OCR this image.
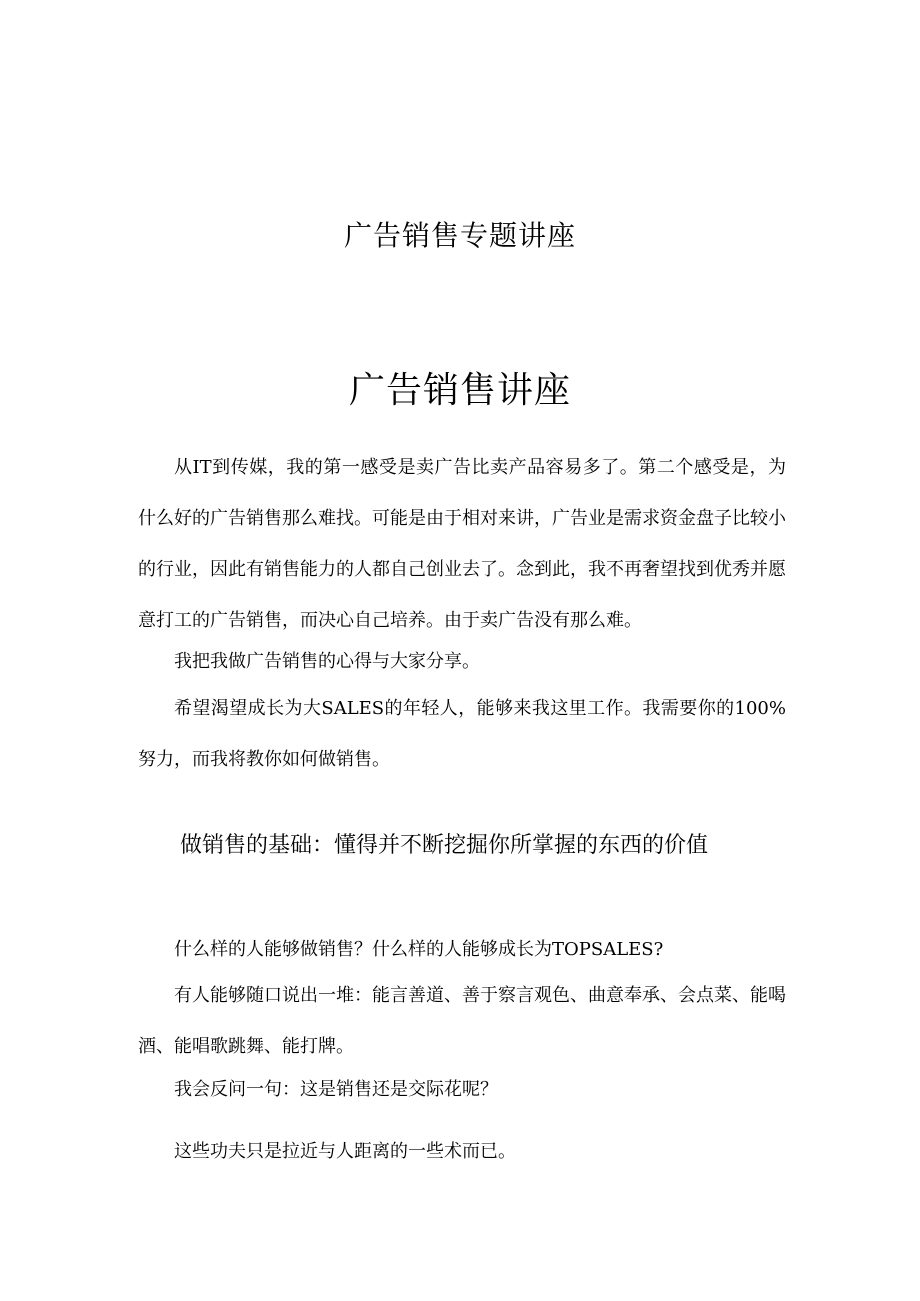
广告销售专题讲座
广告销售讲座

从IT到传媒，我的第一感受是卖广告比卖产品容易多了。第二个感受是，为什么好的广告销售那么难找。可能是由于相对来讲，广告业是需求资金盘子比较小的行业，因此有销售能力的人都自己创业去了。念到此，我不再奢望找到优秀并愿意打工的广告销售，而决心自己培养。由于卖广告没有那么难。

我把我做广告销售的心得与大家分享。

希望渴望成长为大SALES的年轻人，能够来我这里工作。我需要你的100%努力，而我将教你如何做销售。

做销售的基础：懂得并不断挖掘你所掌握的东西的价值

什么样的人能够做销售？什么样的人能够成长为TOPSALES?

有人能够随口说出一堆：能言善道、善于察言观色、曲意奉承、会点菜、能喝酒、能唱歌跳舞、能打牌。

我会反问一句：这是销售还是交际花呢？

这些功夫只是拉近与人距离的一些术而已。
